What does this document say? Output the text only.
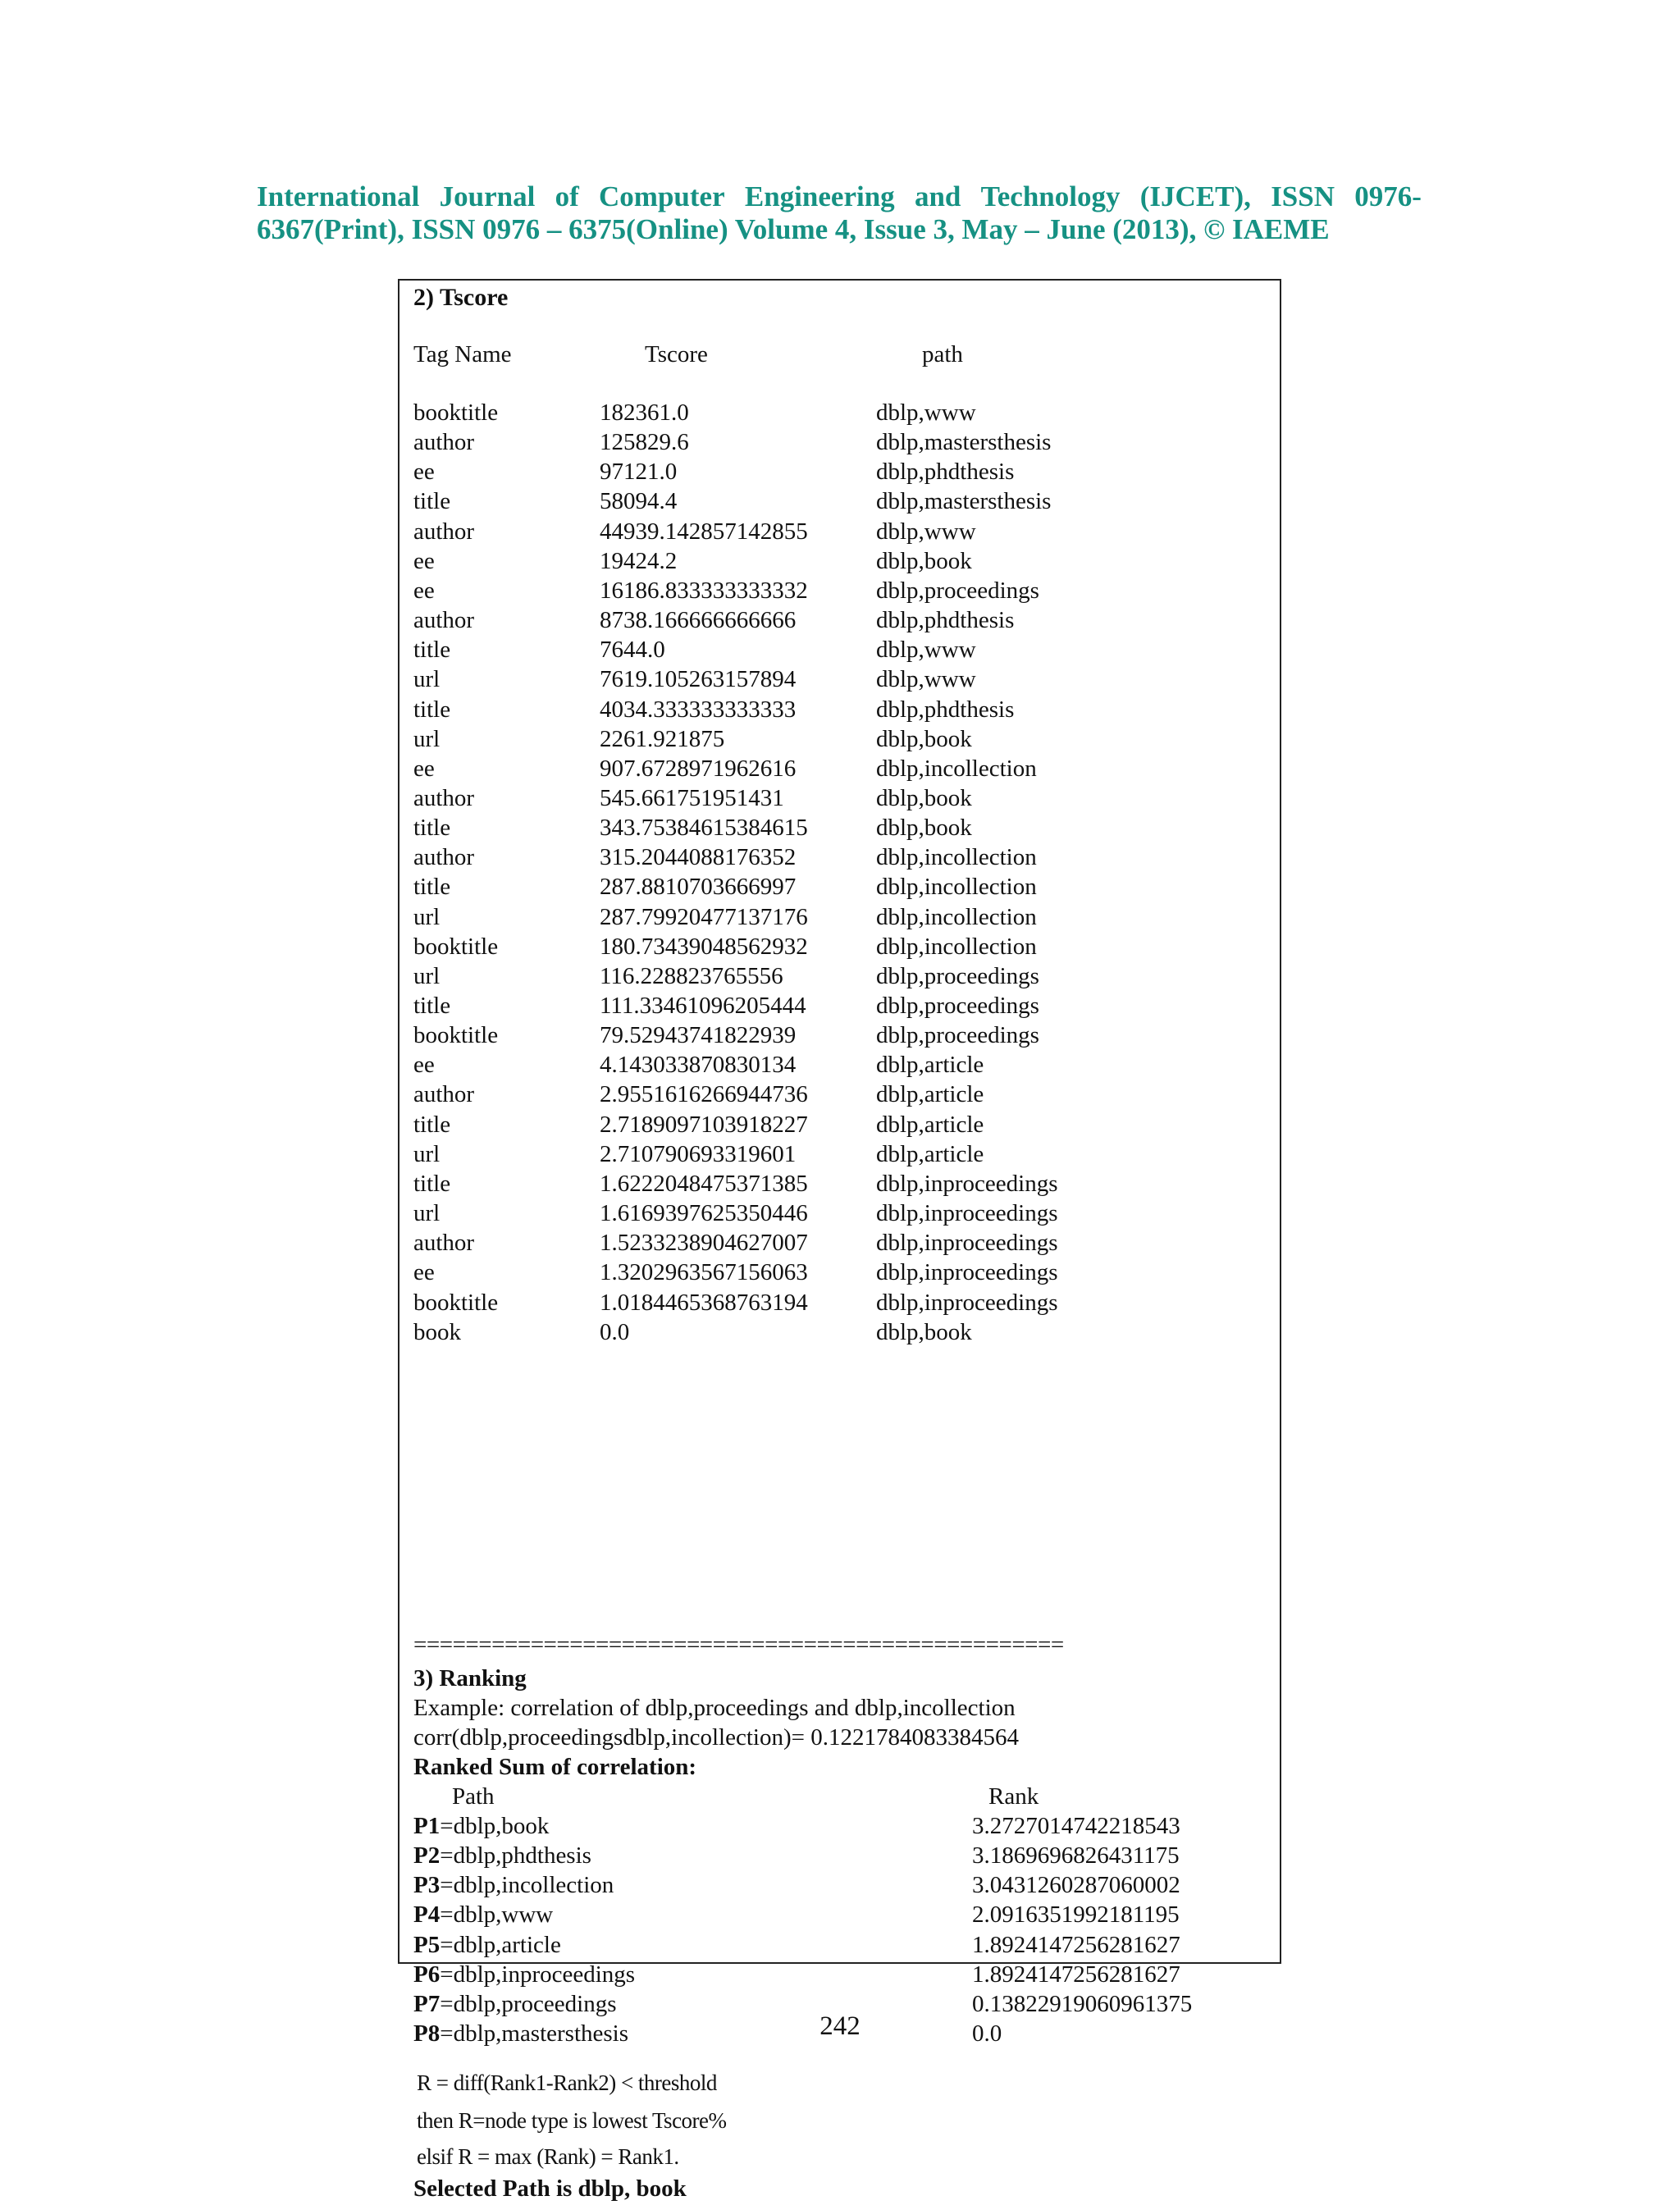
International Journal of Computer Engineering and Technology (IJCET), ISSN 0976-
6367(Print), ISSN 0976 – 6375(Online) Volume 4, Issue 3, May – June (2013), © IAEME
2) Tscore
Tag Name	Tscore	path
booktitle	182361.0	dblp,www
author	125829.6	dblp,mastersthesis
ee	97121.0	dblp,phdthesis
title	58094.4	dblp,mastersthesis
author	44939.142857142855	dblp,www
ee	19424.2	dblp,book
ee	16186.833333333332	dblp,proceedings
author	8738.166666666666	dblp,phdthesis
title	7644.0	dblp,www
url	7619.105263157894	dblp,www
title	4034.333333333333	dblp,phdthesis
url	2261.921875	dblp,book
ee	907.6728971962616	dblp,incollection
author	545.661751951431	dblp,book
title	343.75384615384615	dblp,book
author	315.2044088176352	dblp,incollection
title	287.8810703666997	dblp,incollection
url	287.79920477137176	dblp,incollection
booktitle	180.73439048562932	dblp,incollection
url	116.228823765556	dblp,proceedings
title	111.33461096205444	dblp,proceedings
booktitle	79.52943741822939	dblp,proceedings
ee	4.143033870830134	dblp,article
author	2.9551616266944736	dblp,article
title	2.7189097103918227	dblp,article
url	2.710790693319601	dblp,article
title	1.6222048475371385	dblp,inproceedings
url	1.6169397625350446	dblp,inproceedings
author	1.5233238904627007	dblp,inproceedings
ee	1.3202963567156063	dblp,inproceedings
booktitle	1.0184465368763194	dblp,inproceedings
book	0.0	dblp,book
==================================================
3) Ranking
Example: correlation of dblp,proceedings and dblp,incollection
corr(dblp,proceedingsdblp,incollection)= 0.1221784083384564
Ranked Sum of correlation:
Path	Rank
P1=dblp,book	3.2727014742218543
P2=dblp,phdthesis	3.1869696826431175
P3=dblp,incollection	3.0431260287060002
P4=dblp,www	2.0916351992181195
P5=dblp,article	1.8924147256281627
P6=dblp,inproceedings	1.8924147256281627
P7=dblp,proceedings	0.13822919060961375
P8=dblp,mastersthesis	0.0
R = diff(Rank1-Rank2) < threshold
then R=node type is lowest Tscore%
elsif R = max (Rank) = Rank1.
Selected Path is dblp, book
242
